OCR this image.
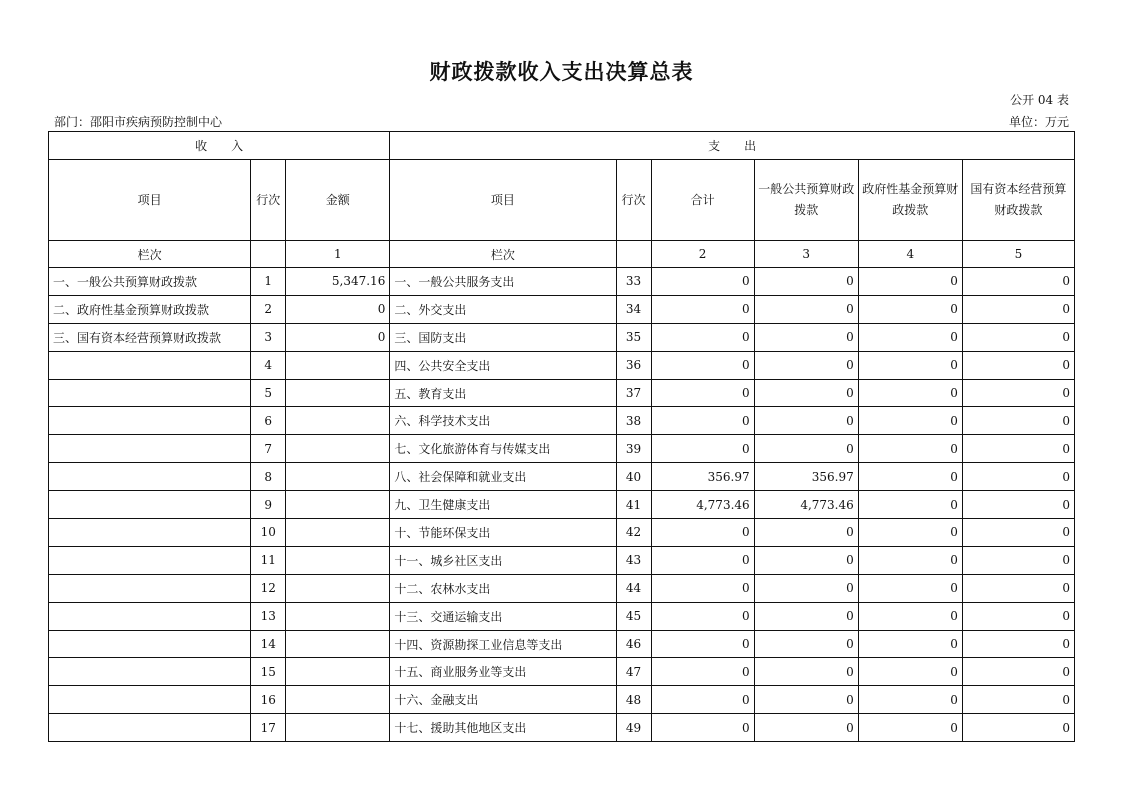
财政拨款收入支出决算总表
公开 04 表
部门：邵阳市疾病预防控制中心	单位：万元
收　　入			支　　出					
项目	行次	金额	项目	行次	合计	一般公共预算财政拨款	政府性基金预算财政拨款	国有资本经营预算财政拨款
栏次		1	栏次		2	3	4	5
一、一般公共预算财政拨款	1	5,347.16	一、一般公共服务支出	33	0	0	0	0
二、政府性基金预算财政拨款	2	0	二、外交支出	34	0	0	0	0
三、国有资本经营预算财政拨款	3	0	三、国防支出	35	0	0	0	0
	4		四、公共安全支出	36	0	0	0	0
	5		五、教育支出	37	0	0	0	0
	6		六、科学技术支出	38	0	0	0	0
	7		七、文化旅游体育与传媒支出	39	0	0	0	0
	8		八、社会保障和就业支出	40	356.97	356.97	0	0
	9		九、卫生健康支出	41	4,773.46	4,773.46	0	0
	10		十、节能环保支出	42	0	0	0	0
	11		十一、城乡社区支出	43	0	0	0	0
	12		十二、农林水支出	44	0	0	0	0
	13		十三、交通运输支出	45	0	0	0	0
	14		十四、资源勘探工业信息等支出	46	0	0	0	0
	15		十五、商业服务业等支出	47	0	0	0	0
	16		十六、金融支出	48	0	0	0	0
	17		十七、援助其他地区支出	49	0	0	0	0
